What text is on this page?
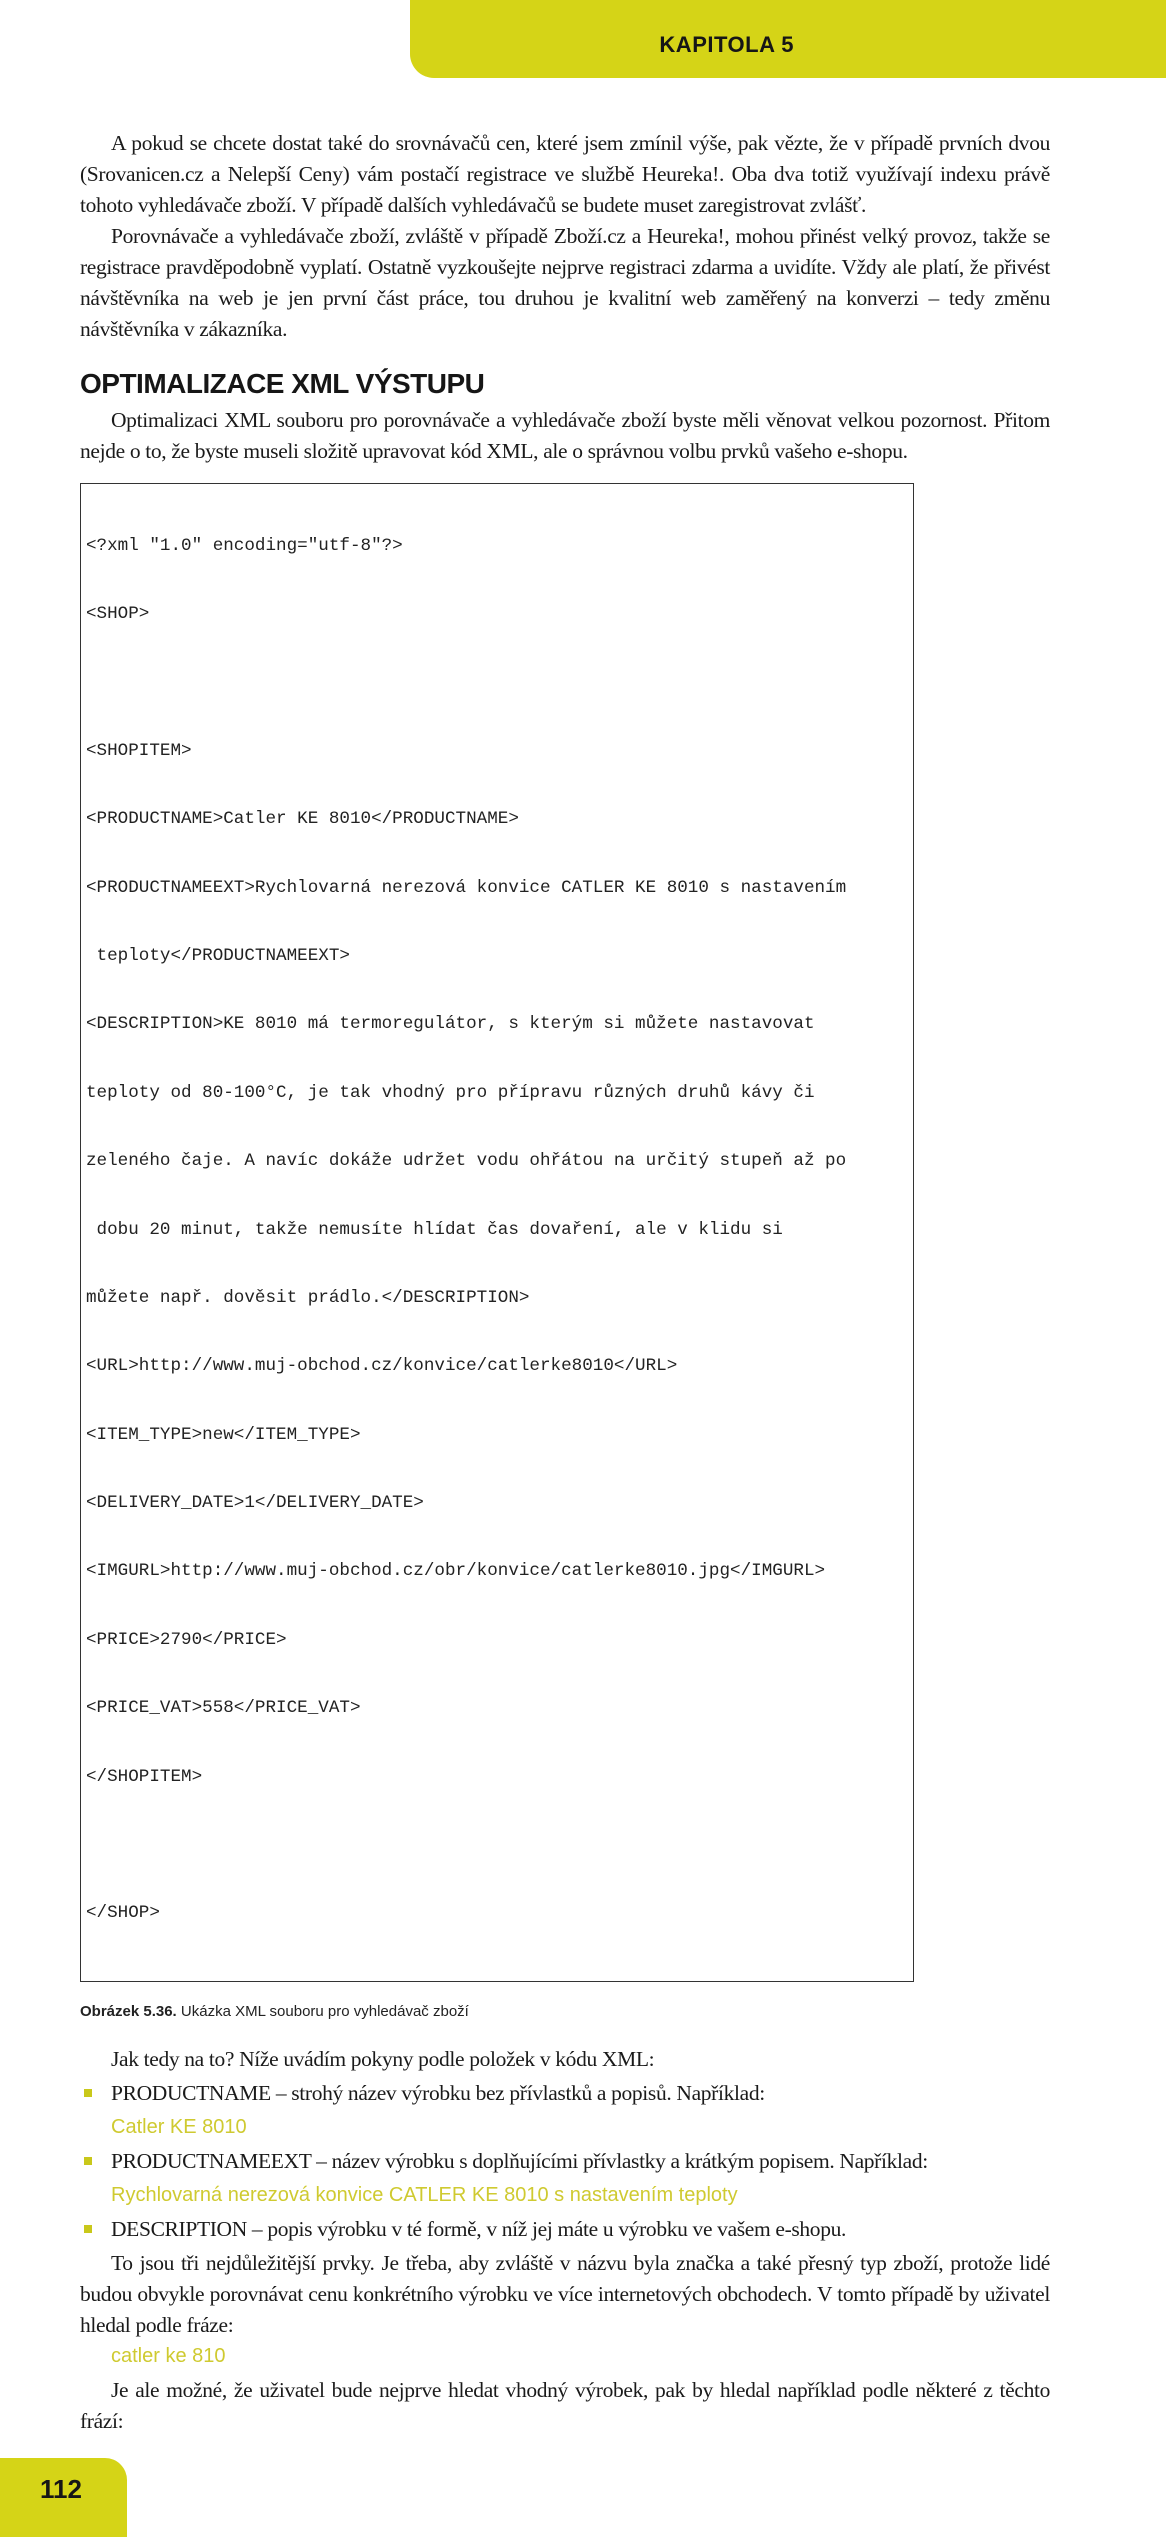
KAPITOLA 5

A pokud se chcete dostat také do srovnávačů cen, které jsem zmínil výše, pak vězte, že v případě prvních dvou (Srovanicen.cz a Nelepší Ceny) vám postačí registrace ve službě Heureka!. Oba dva totiž využívají indexu právě tohoto vyhledávače zboží. V případě dalších vyhledávačů se budete muset zaregistrovat zvlášť.

Porovnávače a vyhledávače zboží, zvláště v případě Zboží.cz a Heureka!, mohou přinést velký provoz, takže se registrace pravděpodobně vyplatí. Ostatně vyzkoušejte nejprve registraci zdarma a uvidíte. Vždy ale platí, že přivést návštěvníka na web je jen první část práce, tou druhou je kvalitní web zaměřený na konverzi – tedy změnu návštěvníka v zákazníka.

OPTIMALIZACE XML VÝSTUPU

Optimalizaci XML souboru pro porovnávače a vyhledávače zboží byste měli věnovat velkou pozornost. Přitom nejde o to, že byste museli složitě upravovat kód XML, ale o správnou volbu prvků vašeho e-shopu.

<?xml "1.0" encoding="utf-8"?>

<SHOP>

<SHOPITEM>

<PRODUCTNAME>Catler KE 8010</PRODUCTNAME>

<PRODUCTNAMEEXT>Rychlovarná nerezová konvice CATLER KE 8010 s nastavením

teploty</PRODUCTNAMEEXT>

<DESCRIPTION>KE 8010 má termoregulátor, s kterým si můžete nastavovat

teploty od 80-100°C, je tak vhodný pro přípravu různých druhů kávy či

zeleného čaje. A navíc dokáže udržet vodu ohřátou na určitý stupeň až po

dobu 20 minut, takže nemusíte hlídat čas dovaření, ale v klidu si

můžete např. dověsit prádlo.</DESCRIPTION>

<URL>http://www.muj-obchod.cz/konvice/catlerke8010</URL>

<ITEM_TYPE>new</ITEM_TYPE>

<DELIVERY_DATE>1</DELIVERY_DATE>

<IMGURL>http://www.muj-obchod.cz/obr/konvice/catlerke8010.jpg</IMGURL>

<PRICE>2790</PRICE>

<PRICE_VAT>558</PRICE_VAT>

</SHOPITEM>

</SHOP>

Obrázek 5.36. Ukázka XML souboru pro vyhledávač zboží
Jak tedy na to? Níže uvádím pokyny podle položek v kódu XML:
PRODUCTNAME – strohý název výrobku bez přívlastků a popisů. Například:
Catler KE 8010
PRODUCTNAMEEXT – název výrobku s doplňujícími přívlastky a krátkým popisem. Například:
Rychlovarná nerezová konvice CATLER KE 8010 s nastavením teploty
DESCRIPTION – popis výrobku v té formě, v níž jej máte u výrobku ve vašem e-shopu.

To jsou tři nejdůležitější prvky. Je třeba, aby zvláště v názvu byla značka a také přesný typ zboží, protože lidé budou obvykle porovnávat cenu konkrétního výrobku ve více internetových obchodech. V tomto případě by uživatel hledal podle fráze:

catler ke 810

Je ale možné, že uživatel bude nejprve hledat vhodný výrobek, pak by hledal například podle některé z těchto frází:

112
